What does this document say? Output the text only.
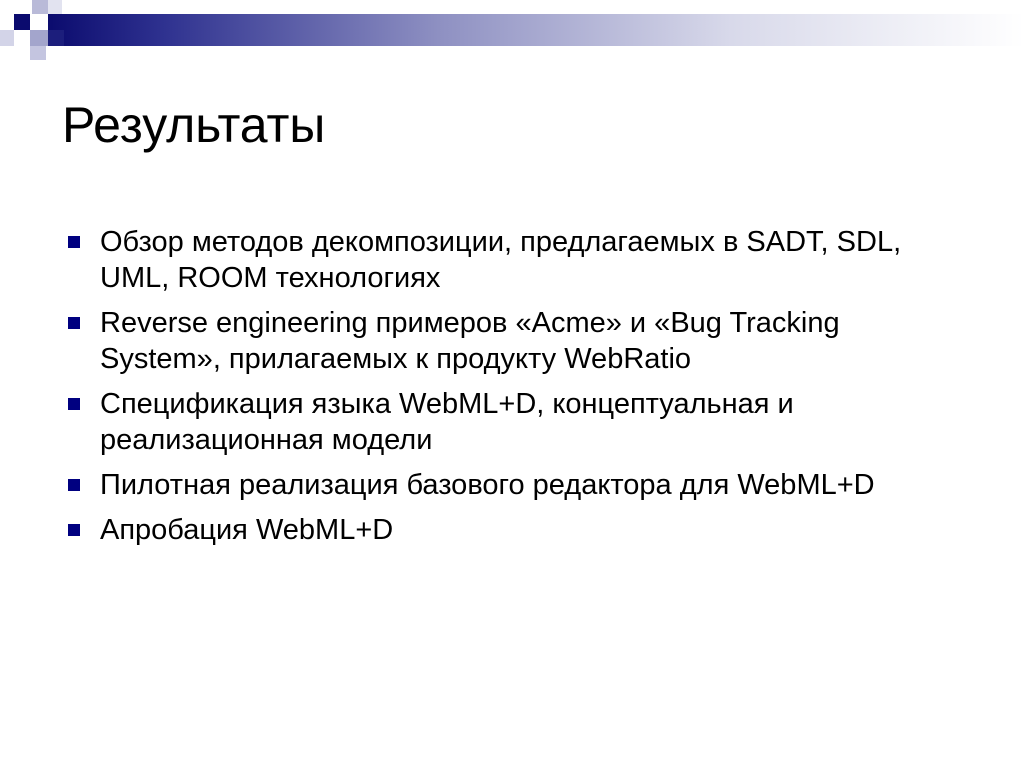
Результаты
Обзор методов декомпозиции, предлагаемых в SADT, SDL, UML, ROOM технологиях
Reverse engineering примеров «Acme» и «Bug Tracking System», прилагаемых к продукту WebRatio
Спецификация языка WebML+D, концептуальная и реализационная модели
Пилотная реализация базового редактора для WebML+D
Апробация WebML+D
